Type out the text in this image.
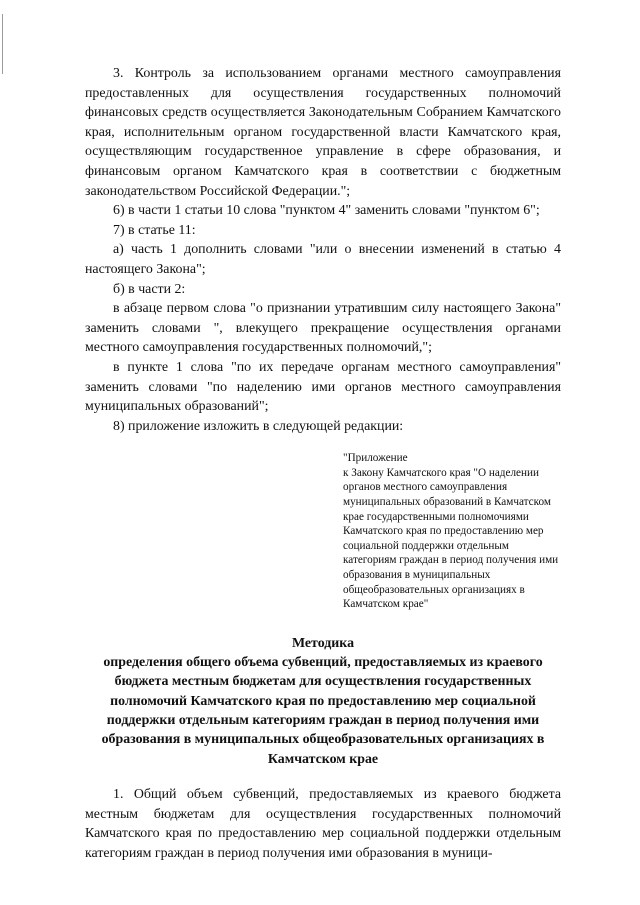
3. Контроль за использованием органами местного самоуправления предоставленных для осуществления государственных полномочий финансовых средств осуществляется Законодательным Собранием Камчатского края, исполнительным органом государственной власти Камчатского края, осуществляющим государственное управление в сфере образования, и финансовым органом Камчатского края в соответствии с бюджетным законодательством Российской Федерации.";

6) в части 1 статьи 10 слова "пунктом 4" заменить словами "пунктом 6";

7) в статье 11:

а) часть 1 дополнить словами "или о внесении изменений в статью 4 настоящего Закона";

б) в части 2:

в абзаце первом слова "о признании утратившим силу настоящего Закона" заменить словами ", влекущего прекращение осуществления органами местного самоуправления государственных полномочий,";

в пункте 1 слова "по их передаче органам местного самоуправления" заменить словами "по наделению ими органов местного самоуправления муниципальных образований";

8) приложение изложить в следующей редакции:

"Приложение
к Закону Камчатского края "О наделении органов местного самоуправления муниципальных образований в Камчатском крае государственными полномочиями Камчатского края по предоставлению мер социальной поддержки отдельным категориям граждан в период получения ими образования в муниципальных общеобразовательных организациях в Камчатском крае"
Методика
определения общего объема субвенций, предоставляемых из краевого бюджета местным бюджетам для осуществления государственных полномочий Камчатского края по предоставлению мер социальной поддержки отдельным категориям граждан в период получения ими образования в муниципальных общеобразовательных организациях в Камчатском крае

1. Общий объем субвенций, предоставляемых из краевого бюджета местным бюджетам для осуществления государственных полномочий Камчатского края по предоставлению мер социальной поддержки отдельным категориям граждан в период получения ими образования в муници-
